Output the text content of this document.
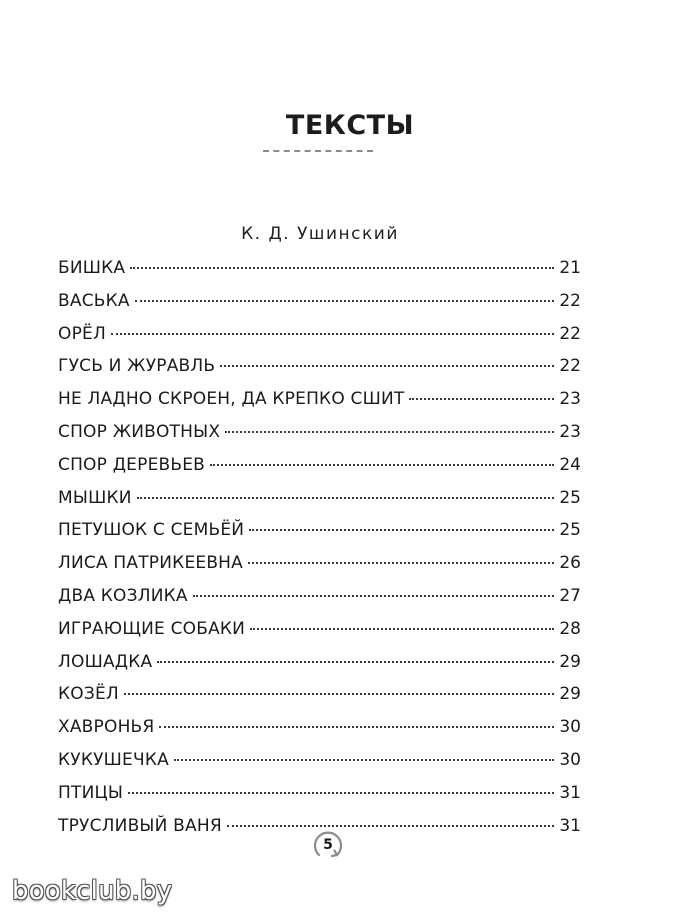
ТЕКСТЫ
К. Д. Ушинский
БИШКА	21
ВАСЬКА	22
ОРЁЛ	22
ГУСЬ И ЖУРАВЛЬ	22
НЕ ЛАДНО СКРОЕН, ДА КРЕПКО СШИТ	23
СПОР ЖИВОТНЫХ	23
СПОР ДЕРЕВЬЕВ	24
МЫШКИ	25
ПЕТУШОК С СЕМЬЁЙ	25
ЛИСА ПАТРИКЕЕВНА	26
ДВА КОЗЛИКА	27
ИГРАЮЩИЕ СОБАКИ	28
ЛОШАДКА	29
КОЗЁЛ	29
ХАВРОНЬЯ	30
КУКУШЕЧКА	30
ПТИЦЫ	31
ТРУСЛИВЫЙ ВАНЯ	31
5
bookclub.by
